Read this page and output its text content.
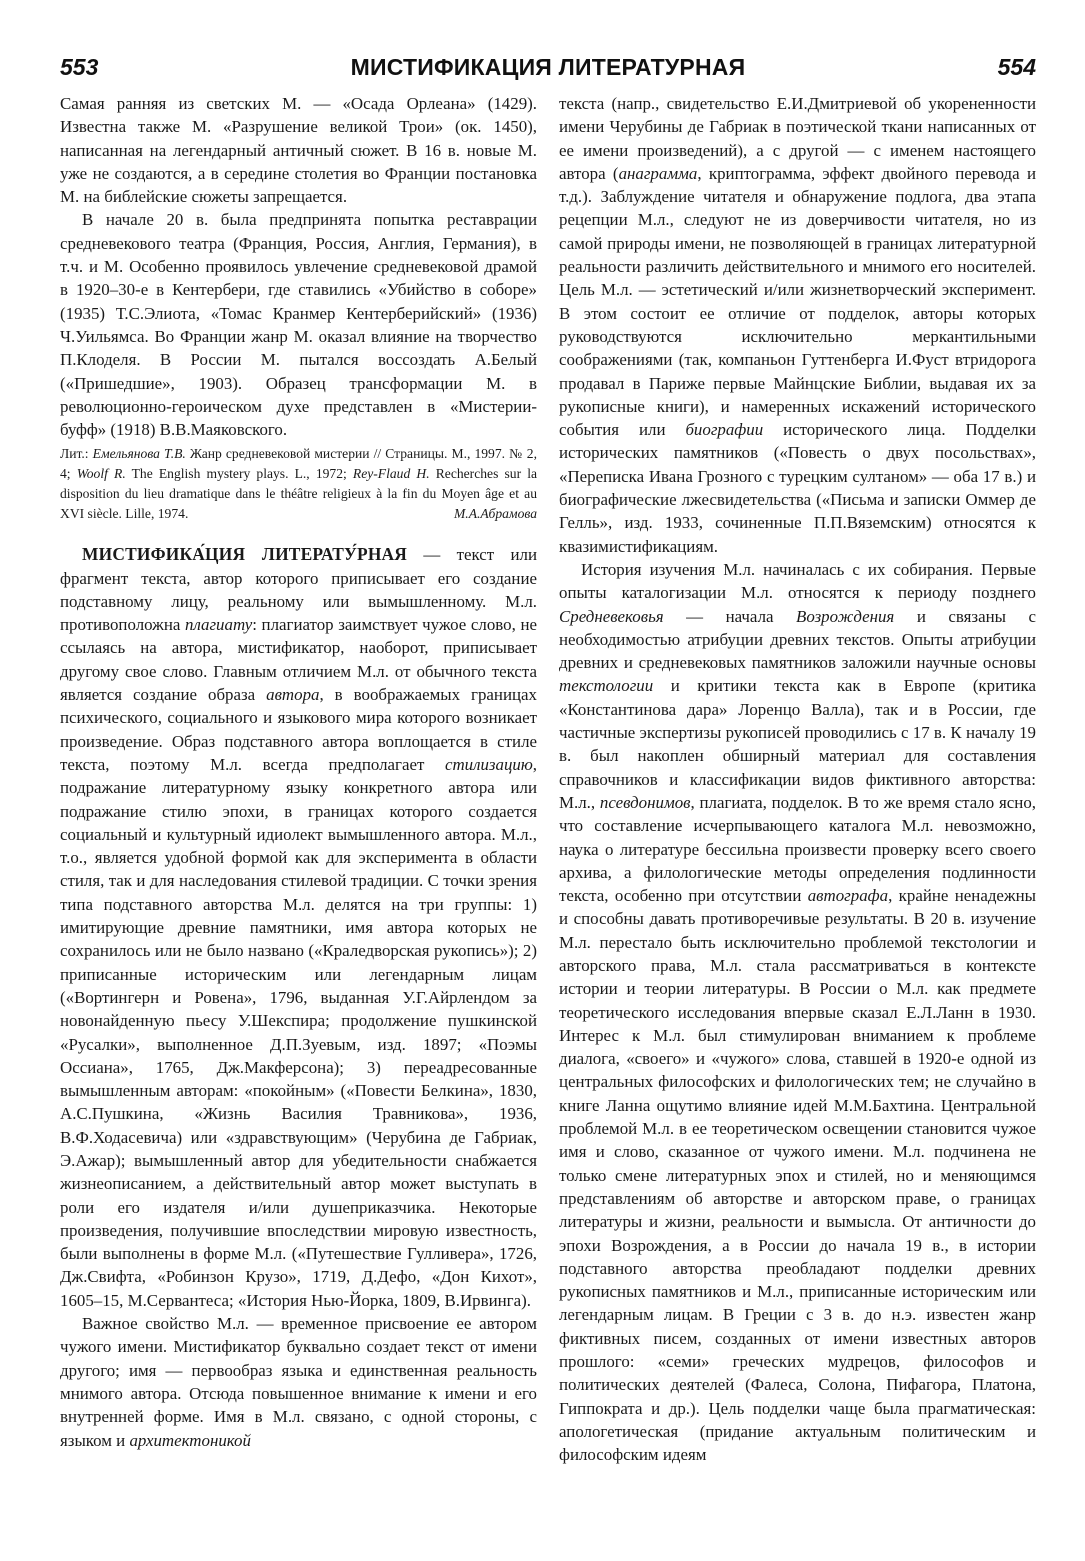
553	МИСТИФИКАЦИЯ ЛИТЕРАТУРНАЯ	554

Самая ранняя из светских М. — «Осада Орлеана» (1429). Известна также М. «Разрушение великой Трои» (ок. 1450), написанная на легендарный античный сюжет. В 16 в. новые М. уже не создаются, а в середине столетия во Франции постановка М. на библейские сюжеты запрещается.

В начале 20 в. была предпринята попытка реставрации средневекового театра (Франция, Россия, Англия, Германия), в т.ч. и М. Особенно проявилось увлечение средневековой драмой в 1920–30-е в Кентербери, где ставились «Убийство в соборе» (1935) Т.С.Элиота, «Томас Кранмер Кентерберийский» (1936) Ч.Уильямса. Во Франции жанр М. оказал влияние на творчество П.Клоделя. В России М. пытался воссоздать А.Белый («Пришедшие», 1903). Образец трансформации М. в революционно-героическом духе представлен в «Мистерии-буфф» (1918) В.В.Маяковского.

Лит.: Емельянова Т.В. Жанр средневековой мистерии // Страницы. М., 1997. № 2, 4; Woolf R. The English mystery plays. L., 1972; Rey-Flaud H. Recherches sur la disposition du lieu dramatique dans le théâtre religieux à la fin du Moyen âge et au XVI siècle. Lille, 1974.	М.А.Абрамова

МИСТИФИКА́ЦИЯ ЛИТЕРАТУ́РНАЯ — текст или фрагмент текста, автор которого приписывает его создание подставному лицу, реальному или вымышленному. М.л. противоположна плагиату: плагиатор заимствует чужое слово, не ссылаясь на автора, мистификатор, наоборот, приписывает другому свое слово. Главным отличием М.л. от обычного текста является создание образа автора, в воображаемых границах психического, социального и языкового мира которого возникает произведение. Образ подставного автора воплощается в стиле текста, поэтому М.л. всегда предполагает стилизацию, подражание литературному языку конкретного автора или подражание стилю эпохи, в границах которого создается социальный и культурный идиолект вымышленного автора. М.л., т.о., является удобной формой как для эксперимента в области стиля, так и для наследования стилевой традиции. С точки зрения типа подставного авторства М.л. делятся на три группы: 1) имитирующие древние памятники, имя автора которых не сохранилось или не было названо («Краледворская рукопись»); 2) приписанные историческим или легендарным лицам («Вортингерн и Ровена», 1796, выданная У.Г.Айрлендом за новонайденную пьесу У.Шекспира; продолжение пушкинской «Русалки», выполненное Д.П.Зуевым, изд. 1897; «Поэмы Оссиана», 1765, Дж.Макферсона); 3) переадресованные вымышленным авторам: «покойным» («Повести Белкина», 1830, А.С.Пушкина, «Жизнь Василия Травникова», 1936, В.Ф.Ходасевича) или «здравствующим» (Черубина де Габриак, Э.Ажар); вымышленный автор для убедительности снабжается жизнеописанием, а действительный автор может выступать в роли его издателя и/или душеприказчика. Некоторые произведения, получившие впоследствии мировую известность, были выполнены в форме М.л. («Путешествие Гулливера», 1726, Дж.Свифта, «Робинзон Крузо», 1719, Д.Дефо, «Дон Кихот», 1605–15, М.Сервантеса; «История Нью-Йорка, 1809, В.Ирвинга).

Важное свойство М.л. — временное присвоение ее автором чужого имени. Мистификатор буквально создает текст от имени другого; имя — первообраз языка и единственная реальность мнимого автора. Отсюда повышенное внимание к имени и его внутренней форме. Имя в М.л. связано, с одной стороны, с языком и архитектоникой

текста (напр., свидетельство Е.И.Дмитриевой об укорененности имени Черубины де Габриак в поэтической ткани написанных от ее имени произведений), а с другой — с именем настоящего автора (анаграмма, криптограмма, эффект двойного перевода и т.д.). Заблуждение читателя и обнаружение подлога, два этапа рецепции М.л., следуют не из доверчивости читателя, но из самой природы имени, не позволяющей в границах литературной реальности различить действительного и мнимого его носителей. Цель М.л. — эстетический и/или жизнетворческий эксперимент. В этом состоит ее отличие от подделок, авторы которых руководствуются исключительно меркантильными соображениями (так, компаньон Гуттенберга И.Фуст втридорога продавал в Париже первые Майнцские Библии, выдавая их за рукописные книги), и намеренных искажений исторического события или биографии исторического лица. Подделки исторических памятников («Повесть о двух посольствах», «Переписка Ивана Грозного с турецким султаном» — оба 17 в.) и биографические лжесвидетельства («Письма и записки Оммер де Гелль», изд. 1933, сочиненные П.П.Вяземским) относятся к квазимистификациям.

История изучения М.л. начиналась с их собирания. Первые опыты каталогизации М.л. относятся к периоду позднего Средневековья — начала Возрождения и связаны с необходимостью атрибуции древних текстов. Опыты атрибуции древних и средневековых памятников заложили научные основы текстологии и критики текста как в Европе (критика «Константинова дара» Лоренцо Валла), так и в России, где частичные экспертизы рукописей проводились с 17 в. К началу 19 в. был накоплен обширный материал для составления справочников и классификации видов фиктивного авторства: М.л., псевдонимов, плагиата, подделок. В то же время стало ясно, что составление исчерпывающего каталога М.л. невозможно, наука о литературе бессильна произвести проверку всего своего архива, а филологические методы определения подлинности текста, особенно при отсутствии автографа, крайне ненадежны и способны давать противоречивые результаты. В 20 в. изучение М.л. перестало быть исключительно проблемой текстологии и авторского права, М.л. стала рассматриваться в контексте истории и теории литературы. В России о М.л. как предмете теоретического исследования впервые сказал Е.Л.Ланн в 1930. Интерес к М.л. был стимулирован вниманием к проблеме диалога, «своего» и «чужого» слова, ставшей в 1920-е одной из центральных философских и филологических тем; не случайно в книге Ланна ощутимо влияние идей М.М.Бахтина. Центральной проблемой М.л. в ее теоретическом освещении становится чужое имя и слово, сказанное от чужого имени. М.л. подчинена не только смене литературных эпох и стилей, но и меняющимся представлениям об авторстве и авторском праве, о границах литературы и жизни, реальности и вымысла. От античности до эпохи Возрождения, а в России до начала 19 в., в истории подставного авторства преобладают подделки древних рукописных памятников и М.л., приписанные историческим или легендарным лицам. В Греции с 3 в. до н.э. известен жанр фиктивных писем, созданных от имени известных авторов прошлого: «семи» греческих мудрецов, философов и политических деятелей (Фалеса, Солона, Пифагора, Платона, Гиппократа и др.). Цель подделки чаще была прагматическая: апологетическая (придание актуальным политическим и философским идеям
